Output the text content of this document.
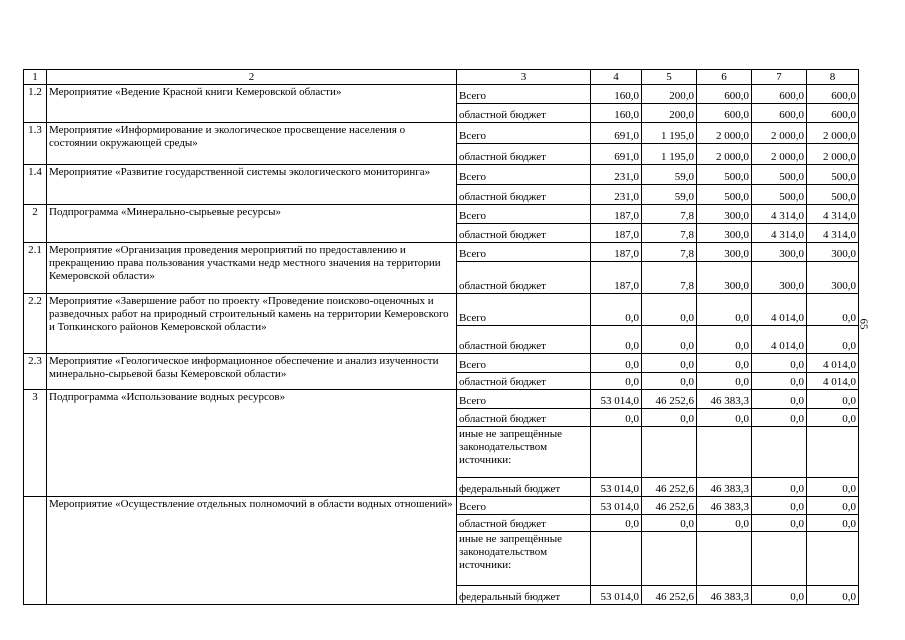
1	2	3	4	5	6	7	8
1.2	Мероприятие «Ведение Красной книги Кемеровской области»	Всего	160,0	200,0	600,0	600,0	600,0
		областной бюджет	160,0	200,0	600,0	600,0	600,0
1.3	Мероприятие «Информирование и экологическое просвещение населения о состоянии окружающей среды»	Всего	691,0	1 195,0	2 000,0	2 000,0	2 000,0
		областной бюджет	691,0	1 195,0	2 000,0	2 000,0	2 000,0
1.4	Мероприятие «Развитие государственной системы экологического мониторинга»	Всего	231,0	59,0	500,0	500,0	500,0
		областной бюджет	231,0	59,0	500,0	500,0	500,0
2	Подпрограмма «Минерально-сырьевые ресурсы»	Всего	187,0	7,8	300,0	4 314,0	4 314,0
		областной бюджет	187,0	7,8	300,0	4 314,0	4 314,0
2.1	Мероприятие «Организация проведения мероприятий по предоставлению и прекращению права пользования участками недр местного значения на территории Кемеровской области»	Всего	187,0	7,8	300,0	300,0	300,0
		областной бюджет	187,0	7,8	300,0	300,0	300,0
2.2	Мероприятие «Завершение работ по проекту «Проведение поисково-оценочных и разведочных работ на природный строительный камень на территории Кемеровского и Топкинского районов Кемеровской области»	Всего	0,0	0,0	0,0	4 014,0	0,0
		областной бюджет	0,0	0,0	0,0	4 014,0	0,0
2.3	Мероприятие «Геологическое информационное обеспечение и анализ изученности минерально-сырьевой базы Кемеровской области»	Всего	0,0	0,0	0,0	0,0	4 014,0
		областной бюджет	0,0	0,0	0,0	0,0	4 014,0
3	Подпрограмма «Использование водных ресурсов»	Всего	53 014,0	46 252,6	46 383,3	0,0	0,0
		областной бюджет	0,0	0,0	0,0	0,0	0,0
		иные не запрещённые законодательством источники:					
		федеральный бюджет	53 014,0	46 252,6	46 383,3	0,0	0,0
	Мероприятие «Осуществление отдельных полномочий в области водных отношений»	Всего	53 014,0	46 252,6	46 383,3	0,0	0,0
		областной бюджет	0,0	0,0	0,0	0,0	0,0
		иные не запрещённые законодательством источники:					
		федеральный бюджет	53 014,0	46 252,6	46 383,3	0,0	0,0
65
